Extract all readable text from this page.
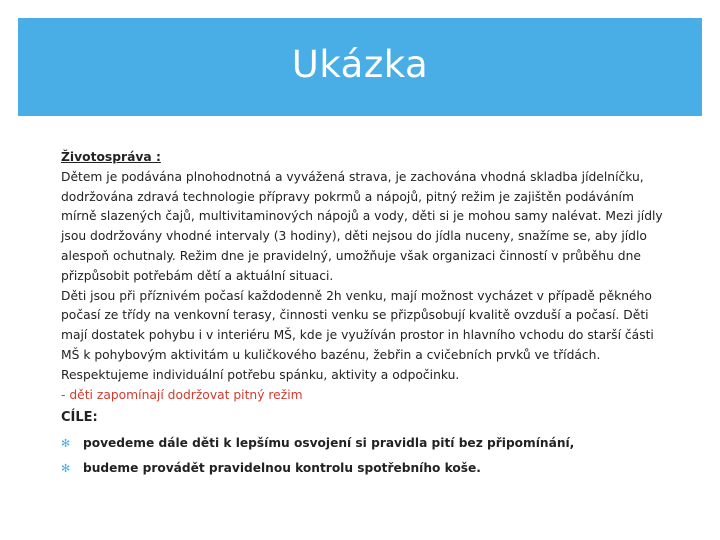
Ukázka
Životospráva :

Dětem je podávána plnohodnotná a vyvážená strava, je zachována vhodná skladba jídelníčku, dodržována zdravá technologie přípravy pokrmů a nápojů, pitný režim je zajištěn podáváním mírně slazených čajů, multivitaminových nápojů a vody, děti si je mohou samy nalévat. Mezi jídly jsou dodržovány vhodné intervaly (3 hodiny), děti nejsou do jídla nuceny, snažíme se, aby jídlo alespoň ochutnaly. Režim dne je pravidelný, umožňuje však organizaci činností v průběhu dne přizpůsobit potřebám dětí a aktuální situaci.

Děti jsou při příznivém počasí každodenně 2h venku, mají možnost vycházet v případě pěkného počasí ze třídy na venkovní terasy, činnosti venku se přizpůsobují kvalitě ovzduší a počasí. Děti mají dostatek pohybu i v interiéru MŠ, kde je využíván prostor in hlavního vchodu do starší části MŠ k pohybovým aktivitám u kuličkového bazénu, žebřin a cvičebních prvků ve třídách. Respektujeme individuální potřebu spánku, aktivity a odpočinku.

- děti zapomínají dodržovat pitný režim

CÍLE:
✻ povedeme dále děti k lepšímu osvojení si pravidla pití bez připomínání,
✻ budeme provádět pravidelnou kontrolu spotřebního koše.
